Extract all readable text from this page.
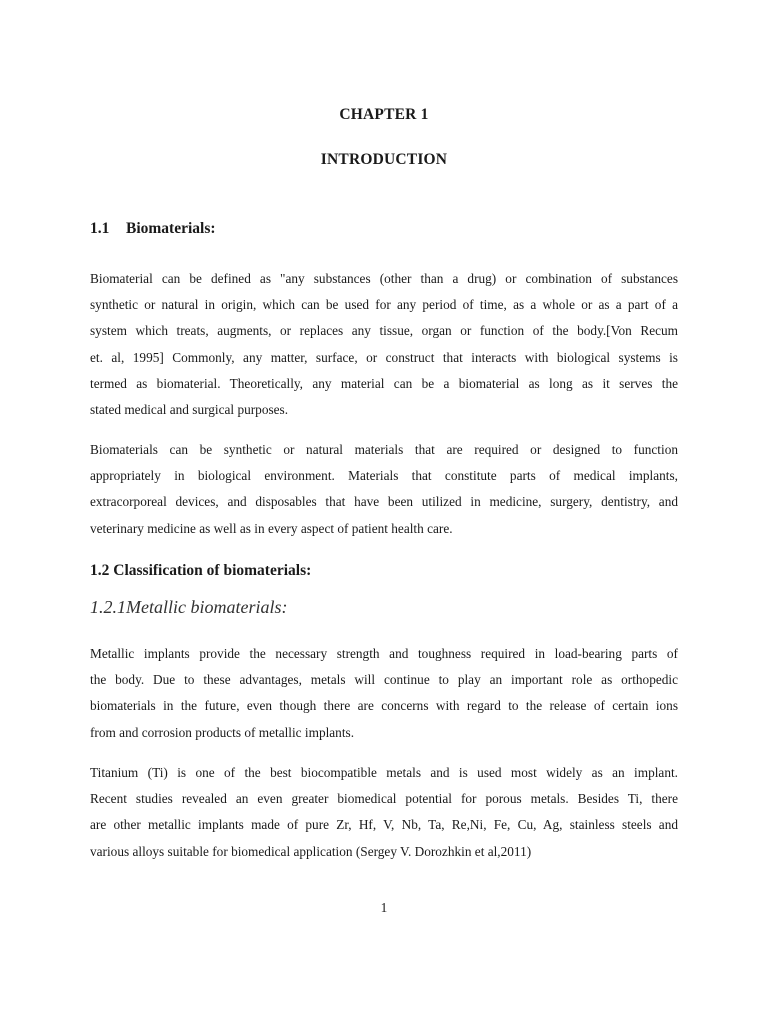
CHAPTER 1
INTRODUCTION
1.1 Biomaterials:
Biomaterial can be defined as "any substances (other than a drug) or combination of substances
synthetic or natural in origin, which can be used for any period of time, as a whole or as a part of a
system which treats, augments, or replaces any tissue, organ or function of the body.[Von Recum
et. al, 1995] Commonly, any matter, surface, or construct that interacts with biological systems is
termed as biomaterial. Theoretically, any material can be a biomaterial as long as it serves the
stated medical and surgical purposes.
Biomaterials can be synthetic or natural materials that are required or designed to function
appropriately in biological environment. Materials that constitute parts of medical implants,
extracorporeal devices, and disposables that have been utilized in medicine, surgery, dentistry, and
veterinary medicine as well as in every aspect of patient health care.
1.2 Classification of biomaterials:
1.2.1Metallic biomaterials:
Metallic implants provide the necessary strength and toughness required in load-bearing parts of
the body. Due to these advantages, metals will continue to play an important role as orthopedic
biomaterials in the future, even though there are concerns with regard to the release of certain ions
from and corrosion products of metallic implants.
Titanium (Ti) is one of the best biocompatible metals and is used most widely as an implant.
Recent studies revealed an even greater biomedical potential for porous metals. Besides Ti, there
are other metallic implants made of pure Zr, Hf, V, Nb, Ta, Re,Ni, Fe, Cu, Ag, stainless steels and
various alloys suitable for biomedical application (Sergey V. Dorozhkin et al,2011)
1
